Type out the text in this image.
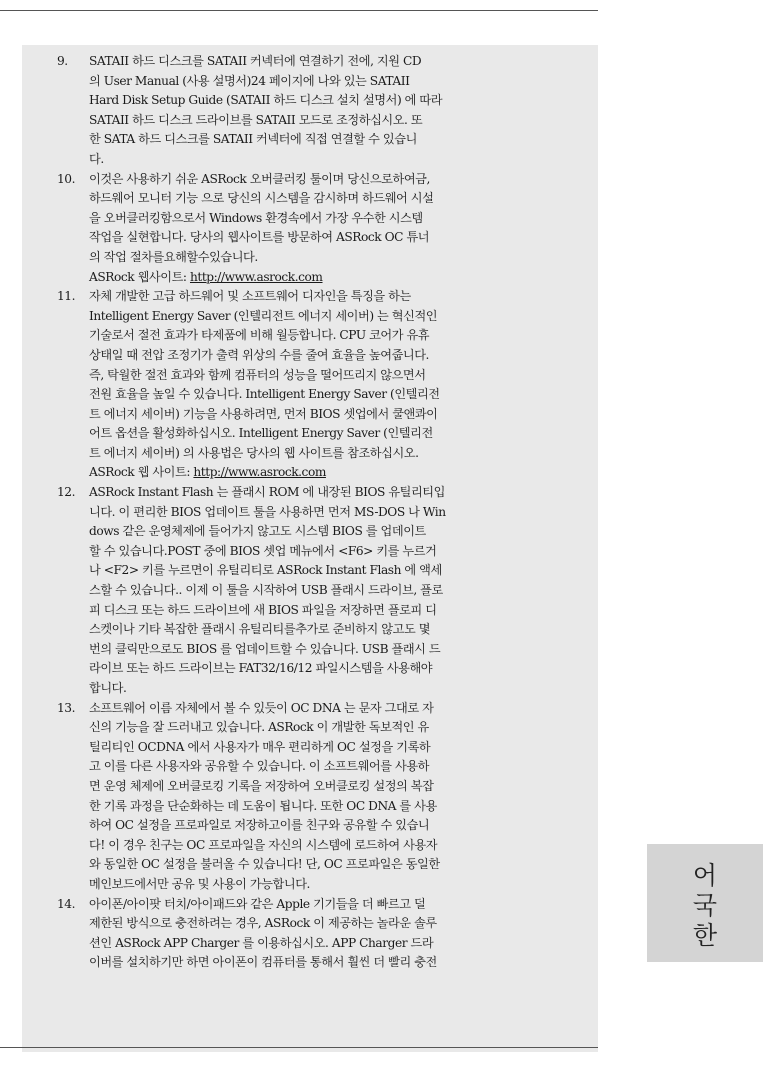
9. SATAII 하드 디스크를 SATAII 커넥터에 연결하기 전에, 지원 CD
의 User Manual (사용 설명서)24 페이지에 나와 있는 SATAII
Hard Disk Setup Guide (SATAII 하드 디스크 설치 설명서) 에 따라
SATAII 하드 디스크 드라이브를 SATAII 모드로 조정하십시오. 또
한 SATA 하드 디스크를 SATAII 커넥터에 직접 연결할 수 있습니
다.
10. 이것은 사용하기 쉬운 ASRock 오버클러킹 툴이며 당신으로하여금,
하드웨어 모니터 기능 으로 당신의 시스템을 감시하며 하드웨어 시설
을 오버클러킹함으로서 Windows 환경속에서 가장 우수한 시스템
작업을 실현합니다. 당사의 웹사이트를 방문하여 ASRock OC 튜너
의 작업 절차를요해할수있습니다.
ASRock 웹사이트: http://www.asrock.com
11. 자체 개발한 고급 하드웨어 및 소프트웨어 디자인을 특징을 하는
Intelligent Energy Saver (인텔리전트 에너지 세이버) 는 혁신적인
기술로서 절전 효과가 타제품에 비해 월등합니다. CPU 코어가 유휴
상태일 때 전압 조정기가 출력 위상의 수를 줄여 효율을 높여줍니다.
즉, 탁월한 절전 효과와 함께 컴퓨터의 성능을 떨어뜨리지 않으면서
전원 효율을 높일 수 있습니다. Intelligent Energy Saver (인텔리전
트 에너지 세이버) 기능을 사용하려면, 먼저 BIOS 셋업에서 쿨앤콰이
어트 옵션을 활성화하십시오. Intelligent Energy Saver (인텔리전
트 에너지 세이버) 의 사용법은 당사의 웹 사이트를 참조하십시오.
ASRock 웹 사이트: http://www.asrock.com
12. ASRock Instant Flash 는 플래시 ROM 에 내장된 BIOS 유틸리티입
니다. 이 편리한 BIOS 업데이트 툴을 사용하면 먼저 MS-DOS 나 Win
dows 같은 운영체제에 들어가지 않고도 시스템 BIOS 를 업데이트
할 수 있습니다.POST 중에 BIOS 셋업 메뉴에서 <F6> 키를 누르거
나 <F2> 키를 누르면이 유틸리티로 ASRock Instant Flash 에 액세
스할 수 있습니다.. 이제 이 툴을 시작하여 USB 플래시 드라이브, 플로
피 디스크 또는 하드 드라이브에 새 BIOS 파일을 저장하면 플로피 디
스켓이나 기타 복잡한 플래시 유틸리티를추가로 준비하지 않고도 몇
번의 클릭만으로도 BIOS 를 업데이트할 수 있습니다. USB 플래시 드
라이브 또는 하드 드라이브는 FAT32/16/12 파일시스템을 사용해야
합니다.
13. 소프트웨어 이름 자체에서 볼 수 있듯이 OC DNA 는 문자 그대로 자
신의 기능을 잘 드러내고 있습니다. ASRock 이 개발한 독보적인 유
틸리티인 OCDNA 에서 사용자가 매우 편리하게 OC 설정을 기록하
고 이를 다른 사용자와 공유할 수 있습니다. 이 소프트웨어를 사용하
면 운영 체제에 오버클로킹 기록을 저장하여 오버클로킹 설정의 복잡
한 기록 과정을 단순화하는 데 도움이 됩니다. 또한 OC DNA 를 사용
하여 OC 설정을 프로파일로 저장하고이를 친구와 공유할 수 있습니
다! 이 경우 친구는 OC 프로파일을 자신의 시스템에 로드하여 사용자
와 동일한 OC 설정을 불러올 수 있습니다! 단, OC 프로파일은 동일한
메인보드에서만 공유 및 사용이 가능합니다.
14. 아이폰/아이팟 터치/아이패드와 같은 Apple 기기들을 더 빠르고 덜
제한된 방식으로 충전하려는 경우, ASRock 이 제공하는 놀라운 솔루
션인 ASRock APP Charger 를 이용하십시오. APP Charger 드라
이버를 설치하기만 하면 아이폰이 컴퓨터를 통해서 훨씬 더 빨리 충전
어
국
한
